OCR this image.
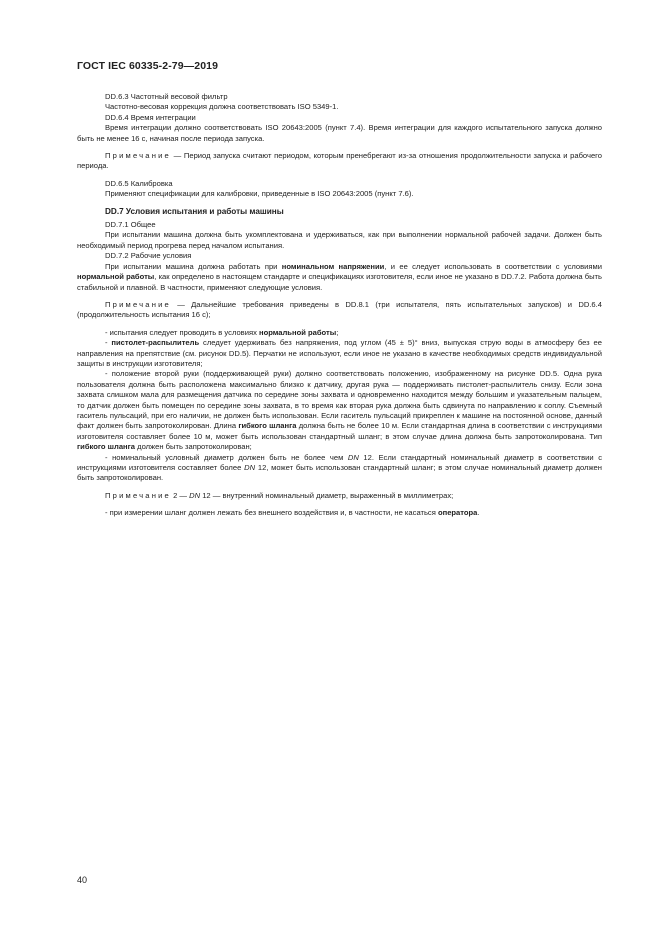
ГОСТ IEC 60335-2-79—2019

DD.6.3 Частотный весовой фильтр

Частотно-весовая коррекция должна соответствовать ISO 5349-1.

DD.6.4 Время интеграции

Время интеграции должно соответствовать ISO 20643:2005 (пункт 7.4). Время интеграции для каждого испытательного запуска должно быть не менее 16 с, начиная после периода запуска.

Примечание — Период запуска считают периодом, которым пренебрегают из-за отношения продолжительности запуска и рабочего периода.

DD.6.5 Калибровка

Применяют спецификации для калибровки, приведенные в ISO 20643:2005 (пункт 7.6).

DD.7 Условия испытания и работы машины

DD.7.1 Общее

При испытании машина должна быть укомплектована и удерживаться, как при выполнении нормальной рабочей задачи. Должен быть необходимый период прогрева перед началом испытания.

DD.7.2 Рабочие условия

При испытании машина должна работать при номинальном напряжении, и ее следует использовать в соответствии с условиями нормальной работы, как определено в настоящем стандарте и спецификациях изготовителя, если иное не указано в DD.7.2. Работа должна быть стабильной и плавной. В частности, применяют следующие условия.

Примечание — Дальнейшие требования приведены в DD.8.1 (три испытателя, пять испытательных запусков) и DD.6.4 (продолжительность испытания 16 с);

- испытания следует проводить в условиях нормальной работы;

- пистолет-распылитель следует удерживать без напряжения, под углом (45 ± 5)° вниз, выпуская струю воды в атмосферу без ее направления на препятствие (см. рисунок DD.5). Перчатки не используют, если иное не указано в качестве необходимых средств индивидуальной защиты в инструкции изготовителя;

- положение второй руки (поддерживающей руки) должно соответствовать положению, изображенному на рисунке DD.5. Одна рука пользователя должна быть расположена максимально близко к датчику, другая рука — поддерживать пистолет-распылитель снизу. Если зона захвата слишком мала для размещения датчика по середине зоны захвата и одновременно находится между большим и указательным пальцем, то датчик должен быть помещен по середине зоны захвата, в то время как вторая рука должна быть сдвинута по направлению к соплу. Съемный гаситель пульсаций, при его наличии, не должен быть использован. Если гаситель пульсаций прикреплен к машине на постоянной основе, данный факт должен быть запротоколирован. Длина гибкого шланга должна быть не более 10 м. Если стандартная длина в соответствии с инструкциями изготовителя составляет более 10 м, может быть использован стандартный шланг; в этом случае длина должна быть запротоколирована. Тип гибкого шланга должен быть запротоколирован;

- номинальный условный диаметр должен быть не более чем DN 12. Если стандартный номинальный диаметр в соответствии с инструкциями изготовителя составляет более DN 12, может быть использован стандартный шланг; в этом случае номинальный диаметр должен быть запротоколирован.

Примечание 2 — DN 12 — внутренний номинальный диаметр, выраженный в миллиметрах;

- при измерении шланг должен лежать без внешнего воздействия и, в частности, не касаться оператора.

40
